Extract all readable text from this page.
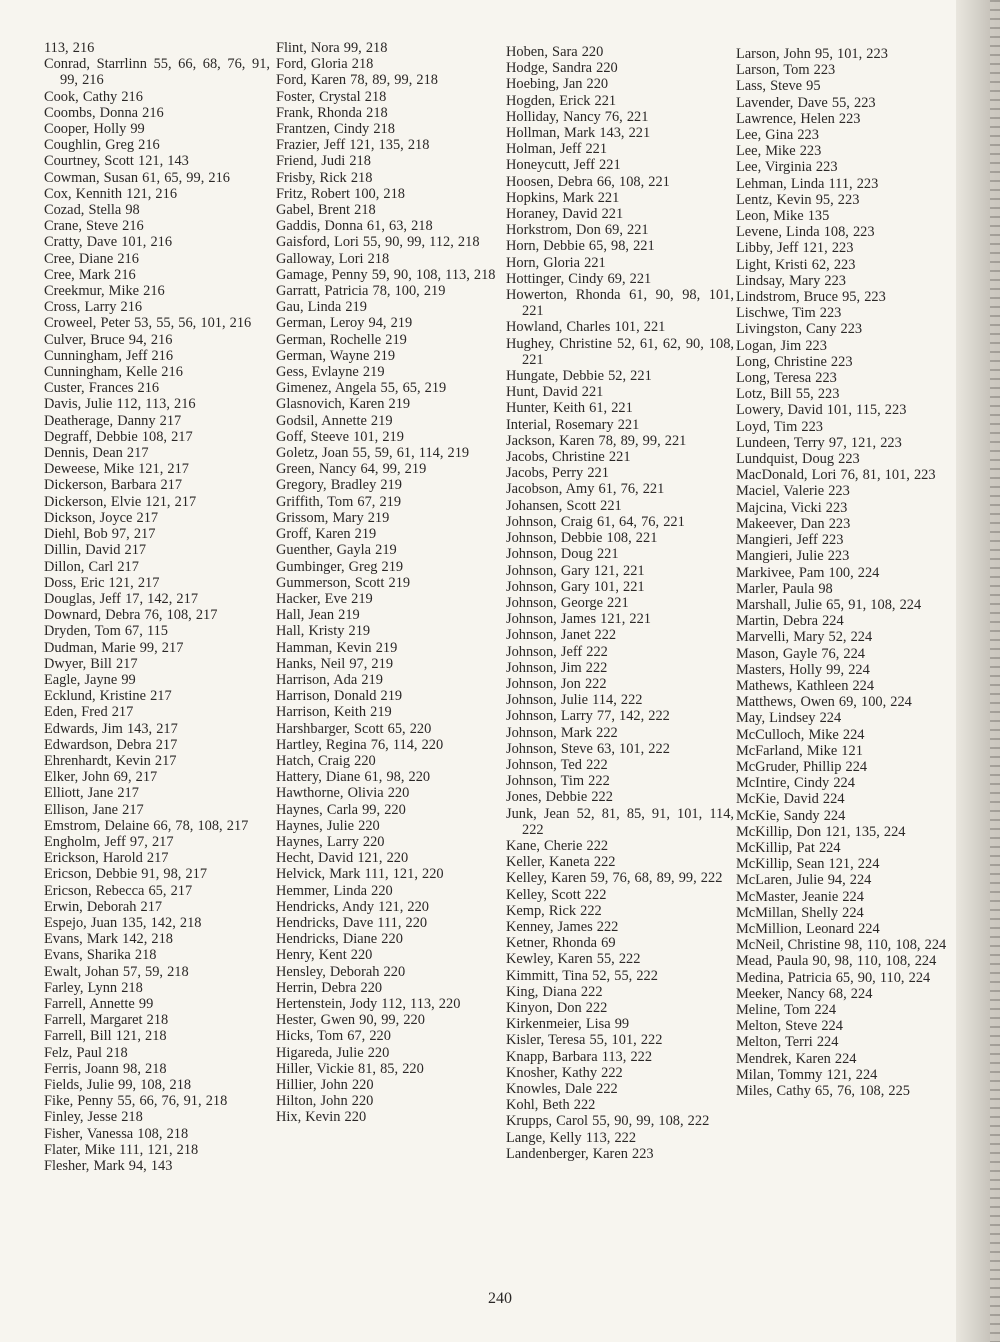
113, 216
Conrad, Starrlinn 55, 66, 68, 76, 91, 99, 216
Cook, Cathy 216
Coombs, Donna 216
Cooper, Holly 99
Coughlin, Greg 216
Courtney, Scott 121, 143
Cowman, Susan 61, 65, 99, 216
Cox, Kennith 121, 216
Cozad, Stella 98
Crane, Steve 216
Cratty, Dave 101, 216
Cree, Diane 216
Cree, Mark 216
Creekmur, Mike 216
Cross, Larry 216
Croweel, Peter 53, 55, 56, 101, 216
Culver, Bruce 94, 216
Cunningham, Jeff 216
Cunningham, Kelle 216
Custer, Frances 216
Davis, Julie 112, 113, 216
Deatherage, Danny 217
Degraff, Debbie 108, 217
Dennis, Dean 217
Deweese, Mike 121, 217
Dickerson, Barbara 217
Dickerson, Elvie 121, 217
Dickson, Joyce 217
Diehl, Bob 97, 217
Dillin, David 217
Dillon, Carl 217
Doss, Eric 121, 217
Douglas, Jeff 17, 142, 217
Downard, Debra 76, 108, 217
Dryden, Tom 67, 115
Dudman, Marie 99, 217
Dwyer, Bill 217
Eagle, Jayne 99
Ecklund, Kristine 217
Eden, Fred 217
Edwards, Jim 143, 217
Edwardson, Debra 217
Ehrenhardt, Kevin 217
Elker, John 69, 217
Elliott, Jane 217
Ellison, Jane 217
Emstrom, Delaine 66, 78, 108, 217
Engholm, Jeff 97, 217
Erickson, Harold 217
Ericson, Debbie 91, 98, 217
Ericson, Rebecca 65, 217
Erwin, Deborah 217
Espejo, Juan 135, 142, 218
Evans, Mark 142, 218
Evans, Sharika 218
Ewalt, Johan 57, 59, 218
Farley, Lynn 218
Farrell, Annette 99
Farrell, Margaret 218
Farrell, Bill 121, 218
Felz, Paul 218
Ferris, Joann 98, 218
Fields, Julie 99, 108, 218
Fike, Penny 55, 66, 76, 91, 218
Finley, Jesse 218
Fisher, Vanessa 108, 218
Flater, Mike 111, 121, 218
Flesher, Mark 94, 143
Flint, Nora 99, 218
Ford, Gloria 218
Ford, Karen 78, 89, 99, 218
Foster, Crystal 218
Frank, Rhonda 218
Frantzen, Cindy 218
Frazier, Jeff 121, 135, 218
Friend, Judi 218
Frisby, Rick 218
Fritz, Robert 100, 218
Gabel, Brent 218
Gaddis, Donna 61, 63, 218
Gaisford, Lori 55, 90, 99, 112, 218
Galloway, Lori 218
Gamage, Penny 59, 90, 108, 113, 218
Garratt, Patricia 78, 100, 219
Gau, Linda 219
German, Leroy 94, 219
German, Rochelle 219
German, Wayne 219
Gess, Evlayne 219
Gimenez, Angela 55, 65, 219
Glasnovich, Karen 219
Godsil, Annette 219
Goff, Steeve 101, 219
Goletz, Joan 55, 59, 61, 114, 219
Green, Nancy 64, 99, 219
Gregory, Bradley 219
Griffith, Tom 67, 219
Grissom, Mary 219
Groff, Karen 219
Guenther, Gayla 219
Gumbinger, Greg 219
Gummerson, Scott 219
Hacker, Eve 219
Hall, Jean 219
Hall, Kristy 219
Hamman, Kevin 219
Hanks, Neil 97, 219
Harrison, Ada 219
Harrison, Donald 219
Harrison, Keith 219
Harshbarger, Scott 65, 220
Hartley, Regina 76, 114, 220
Hatch, Craig 220
Hattery, Diane 61, 98, 220
Hawthorne, Olivia 220
Haynes, Carla 99, 220
Haynes, Julie 220
Haynes, Larry 220
Hecht, David 121, 220
Helvick, Mark 111, 121, 220
Hemmer, Linda 220
Hendricks, Andy 121, 220
Hendricks, Dave 111, 220
Hendricks, Diane 220
Henry, Kent 220
Hensley, Deborah 220
Herrin, Debra 220
Hertenstein, Jody 112, 113, 220
Hester, Gwen 90, 99, 220
Hicks, Tom 67, 220
Higareda, Julie 220
Hiller, Vickie 81, 85, 220
Hillier, John 220
Hilton, John 220
Hix, Kevin 220
Hoben, Sara 220
Hodge, Sandra 220
Hoebing, Jan 220
Hogden, Erick 221
Holliday, Nancy 76, 221
Hollman, Mark 143, 221
Holman, Jeff 221
Honeycutt, Jeff 221
Hoosen, Debra 66, 108, 221
Hopkins, Mark 221
Horaney, David 221
Horkstrom, Don 69, 221
Horn, Debbie 65, 98, 221
Horn, Gloria 221
Hottinger, Cindy 69, 221
Howerton, Rhonda 61, 90, 98, 101, 221
Howland, Charles 101, 221
Hughey, Christine 52, 61, 62, 90, 108, 221
Hungate, Debbie 52, 221
Hunt, David 221
Hunter, Keith 61, 221
Interial, Rosemary 221
Jackson, Karen 78, 89, 99, 221
Jacobs, Christine 221
Jacobs, Perry 221
Jacobson, Amy 61, 76, 221
Johansen, Scott 221
Johnson, Craig 61, 64, 76, 221
Johnson, Debbie 108, 221
Johnson, Doug 221
Johnson, Gary 121, 221
Johnson, Gary 101, 221
Johnson, George 221
Johnson, James 121, 221
Johnson, Janet 222
Johnson, Jeff 222
Johnson, Jim 222
Johnson, Jon 222
Johnson, Julie 114, 222
Johnson, Larry 77, 142, 222
Johnson, Mark 222
Johnson, Steve 63, 101, 222
Johnson, Ted 222
Johnson, Tim 222
Jones, Debbie 222
Junk, Jean 52, 81, 85, 91, 101, 114, 222
Kane, Cherie 222
Keller, Kaneta 222
Kelley, Karen 59, 76, 68, 89, 99, 222
Kelley, Scott 222
Kemp, Rick 222
Kenney, James 222
Ketner, Rhonda 69
Kewley, Karen 55, 222
Kimmitt, Tina 52, 55, 222
King, Diana 222
Kinyon, Don 222
Kirkenmeier, Lisa 99
Kisler, Teresa 55, 101, 222
Knapp, Barbara 113, 222
Knosher, Kathy 222
Knowles, Dale 222
Kohl, Beth 222
Krupps, Carol 55, 90, 99, 108, 222
Lange, Kelly 113, 222
Landenberger, Karen 223
Larson, John 95, 101, 223
Larson, Tom 223
Lass, Steve 95
Lavender, Dave 55, 223
Lawrence, Helen 223
Lee, Gina 223
Lee, Mike 223
Lee, Virginia 223
Lehman, Linda 111, 223
Lentz, Kevin 95, 223
Leon, Mike 135
Levene, Linda 108, 223
Libby, Jeff 121, 223
Light, Kristi 62, 223
Lindsay, Mary 223
Lindstrom, Bruce 95, 223
Lischwe, Tim 223
Livingston, Cany 223
Logan, Jim 223
Long, Christine 223
Long, Teresa 223
Lotz, Bill 55, 223
Lowery, David 101, 115, 223
Loyd, Tim 223
Lundeen, Terry 97, 121, 223
Lundquist, Doug 223
MacDonald, Lori 76, 81, 101, 223
Maciel, Valerie 223
Majcina, Vicki 223
Makeever, Dan 223
Mangieri, Jeff 223
Mangieri, Julie 223
Markivee, Pam 100, 224
Marler, Paula 98
Marshall, Julie 65, 91, 108, 224
Martin, Debra 224
Marvelli, Mary 52, 224
Mason, Gayle 76, 224
Masters, Holly 99, 224
Mathews, Kathleen 224
Matthews, Owen 69, 100, 224
May, Lindsey 224
McCulloch, Mike 224
McFarland, Mike 121
McGruder, Phillip 224
McIntire, Cindy 224
McKie, David 224
McKie, Sandy 224
McKillip, Don 121, 135, 224
McKillip, Pat 224
McKillip, Sean 121, 224
McLaren, Julie 94, 224
McMaster, Jeanie 224
McMillan, Shelly 224
McMillion, Leonard 224
McNeil, Christine 98, 110, 108, 224
Mead, Paula 90, 98, 110, 108, 224
Medina, Patricia 65, 90, 110, 224
Meeker, Nancy 68, 224
Meline, Tom 224
Melton, Steve 224
Melton, Terri 224
Mendrek, Karen 224
Milan, Tommy 121, 224
Miles, Cathy 65, 76, 108, 225
240
